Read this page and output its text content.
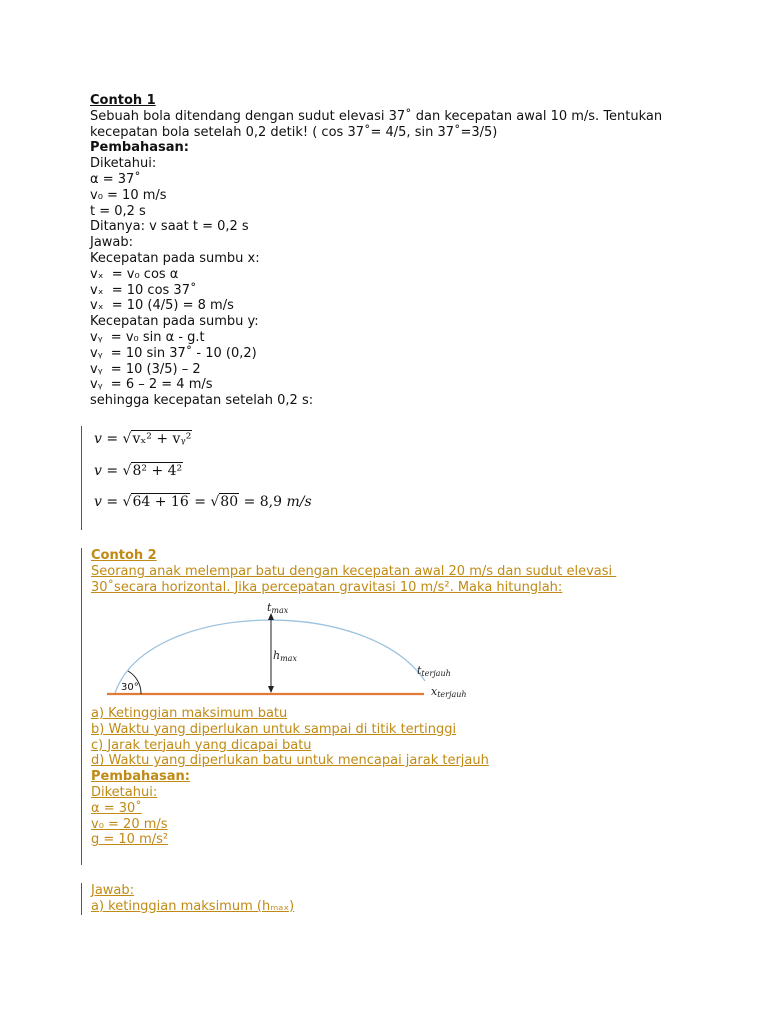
Contoh 1
Sebuah bola ditendang dengan sudut elevasi 37˚ dan kecepatan awal 10 m/s. Tentukan
kecepatan bola setelah 0,2 detik! ( cos 37˚= 4/5, sin 37˚=3/5)
Pembahasan:
Diketahui:
α = 37˚
v₀ = 10 m/s
t = 0,2 s
Ditanya: v saat t = 0,2 s
Jawab:
Kecepatan pada sumbu x:
vₓ  = v₀ cos α
vₓ  = 10 cos 37˚
vₓ  = 10 (4/5) = 8 m/s
Kecepatan pada sumbu y:
vᵧ  = v₀ sin α - g.t
vᵧ  = 10 sin 37˚ - 10 (0,2)
vᵧ  = 10 (3/5) – 2
vᵧ  = 6 – 2 = 4 m/s
sehingga kecepatan setelah 0,2 s:
v = √vₓ² + vᵧ²
v = √8² + 4²
v = √64 + 16 = √80 = 8,9 m/s
Contoh 2
Seorang anak melempar batu dengan kecepatan awal 20 m/s dan sudut elevasi
30˚secara horizontal. Jika percepatan gravitasi 10 m/s². Maka hitunglah:
30°
tmax
hmax
tterjauh
xterjauh
a) Ketinggian maksimum batu
b) Waktu yang diperlukan untuk sampai di titik tertinggi
c) Jarak terjauh yang dicapai batu
d) Waktu yang diperlukan batu untuk mencapai jarak terjauh
Pembahasan:
Diketahui:
α = 30˚
v₀ = 20 m/s
g = 10 m/s²
Jawab:
a) ketinggian maksimum (hₘₐₓ)
